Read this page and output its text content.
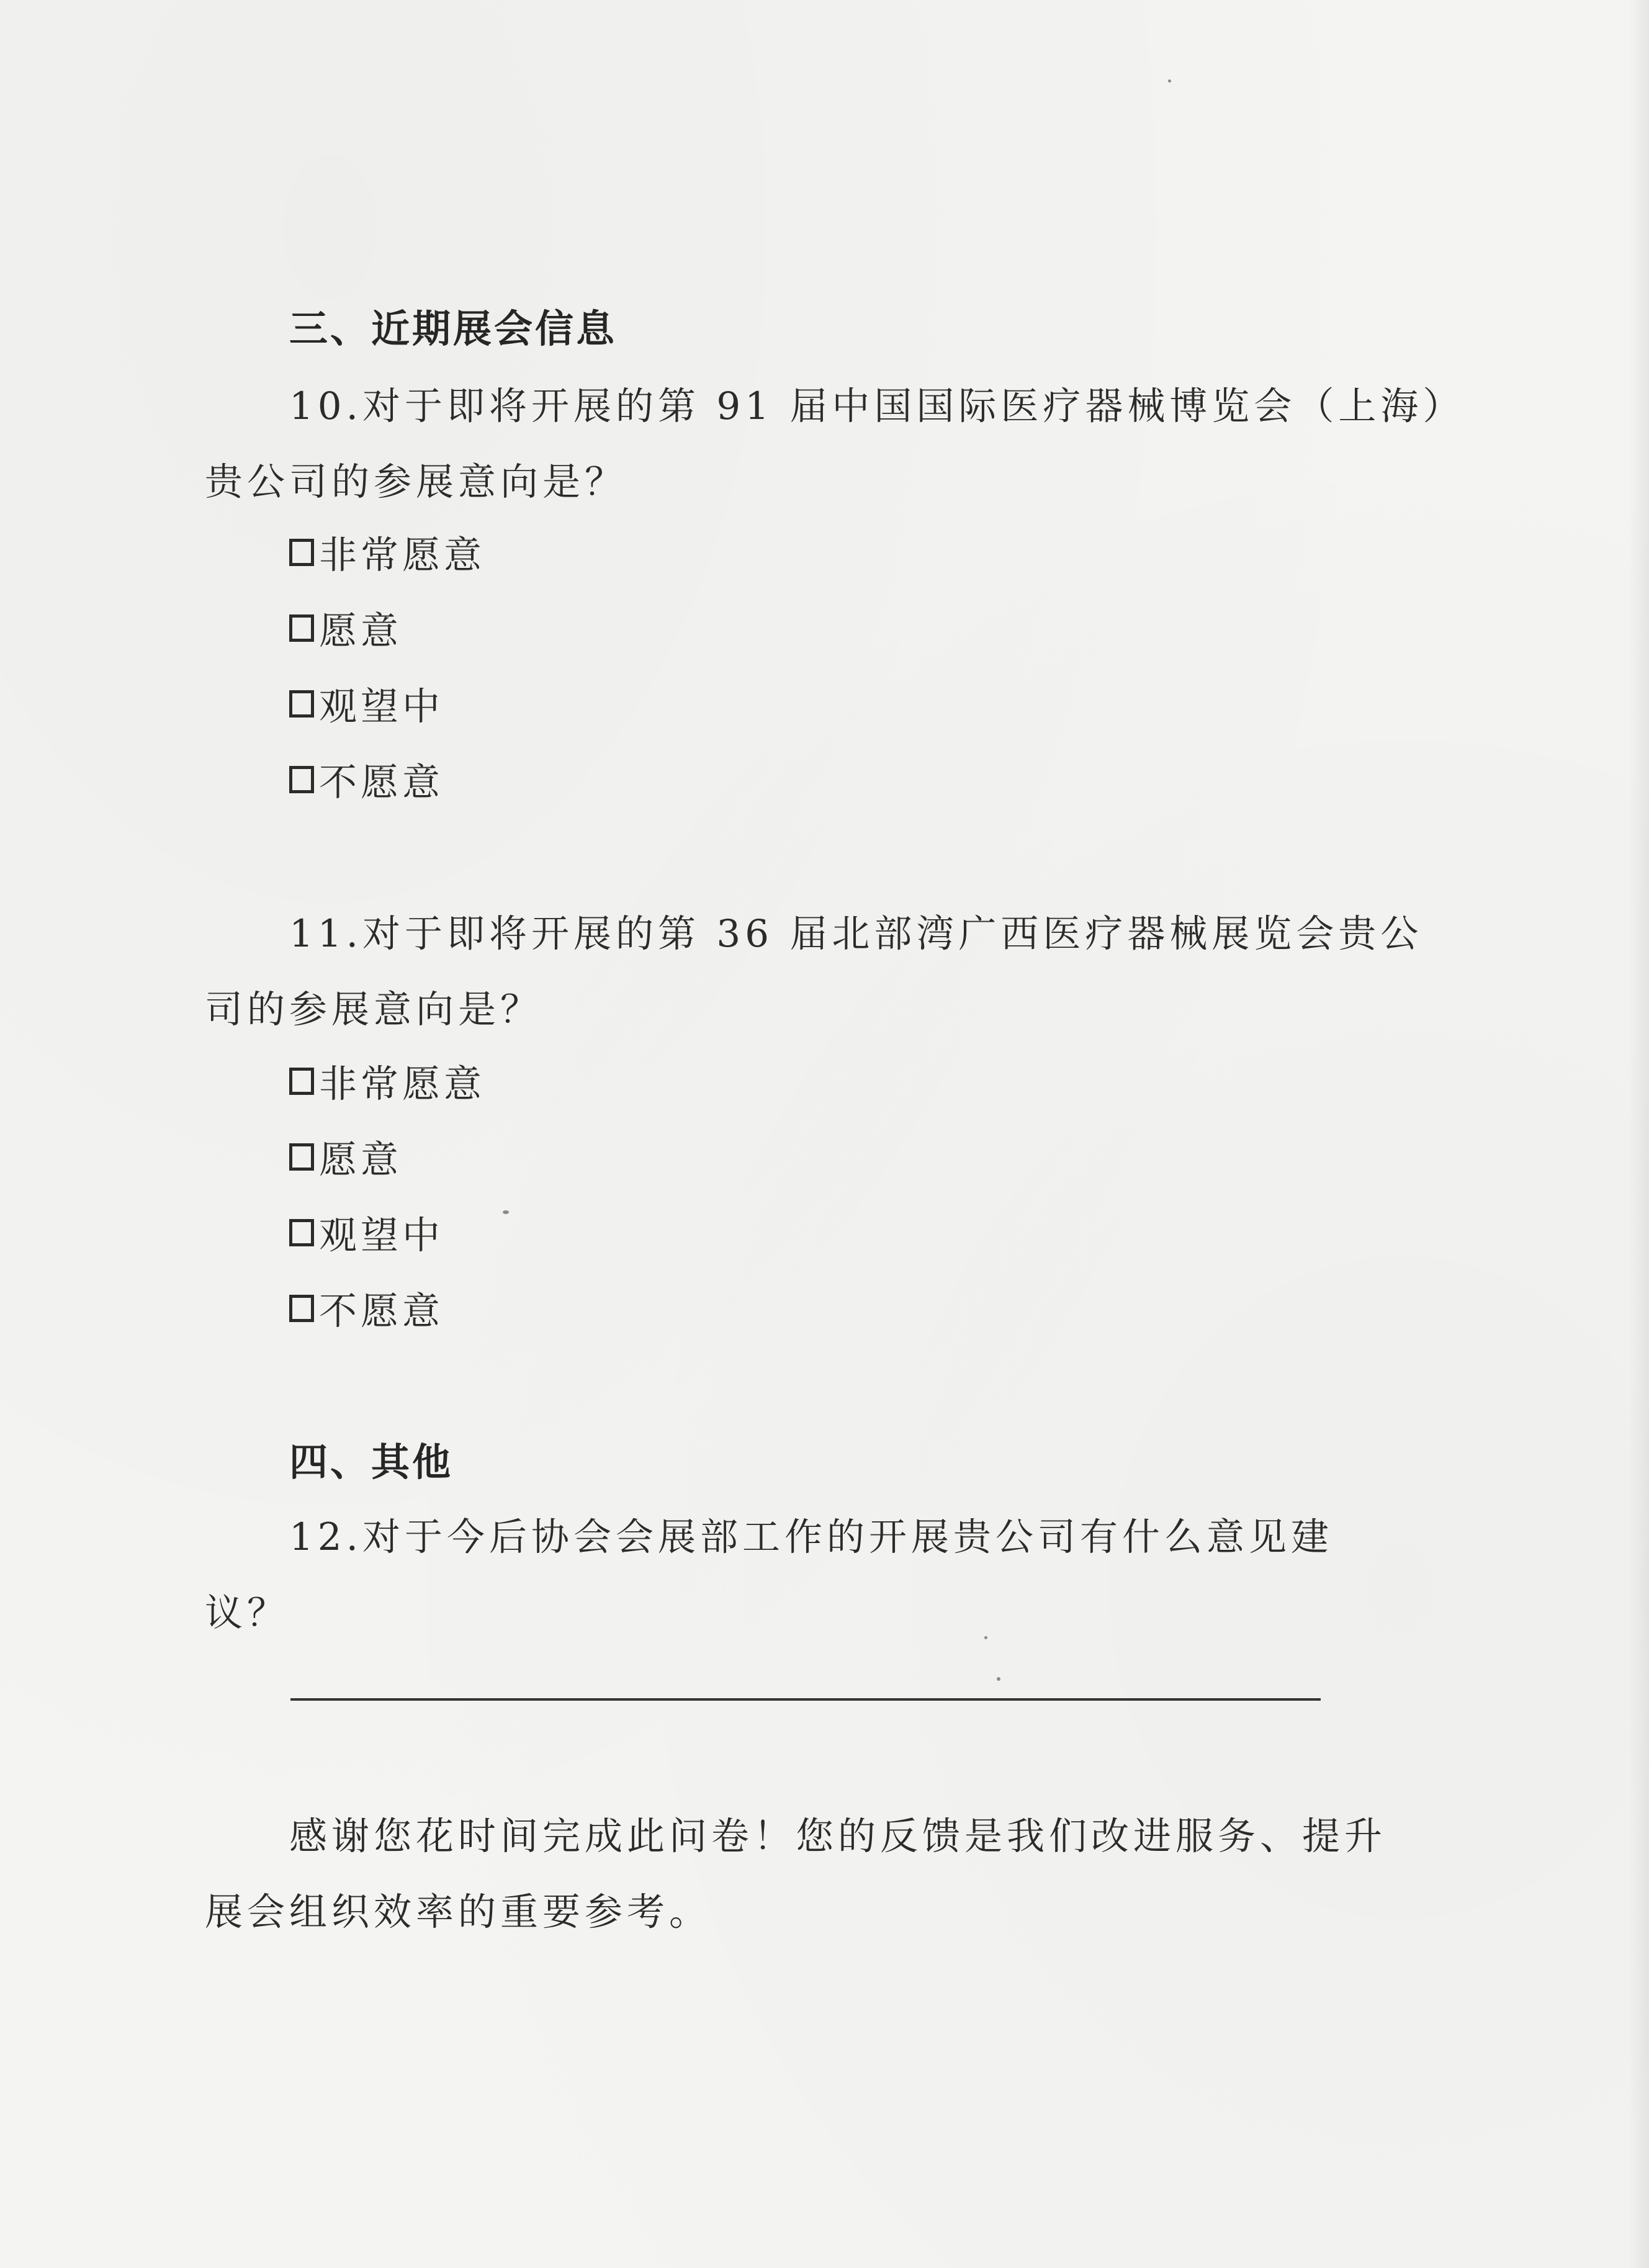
三、近期展会信息
10.对于即将开展的第 91 届中国国际医疗器械博览会（上海）
贵公司的参展意向是？
非常愿意
愿意
观望中
不愿意
11.对于即将开展的第 36 届北部湾广西医疗器械展览会贵公
司的参展意向是？
非常愿意
愿意
观望中
不愿意
四、其他
12.对于今后协会会展部工作的开展贵公司有什么意见建
议？
感谢您花时间完成此问卷！您的反馈是我们改进服务、提升
展会组织效率的重要参考。
